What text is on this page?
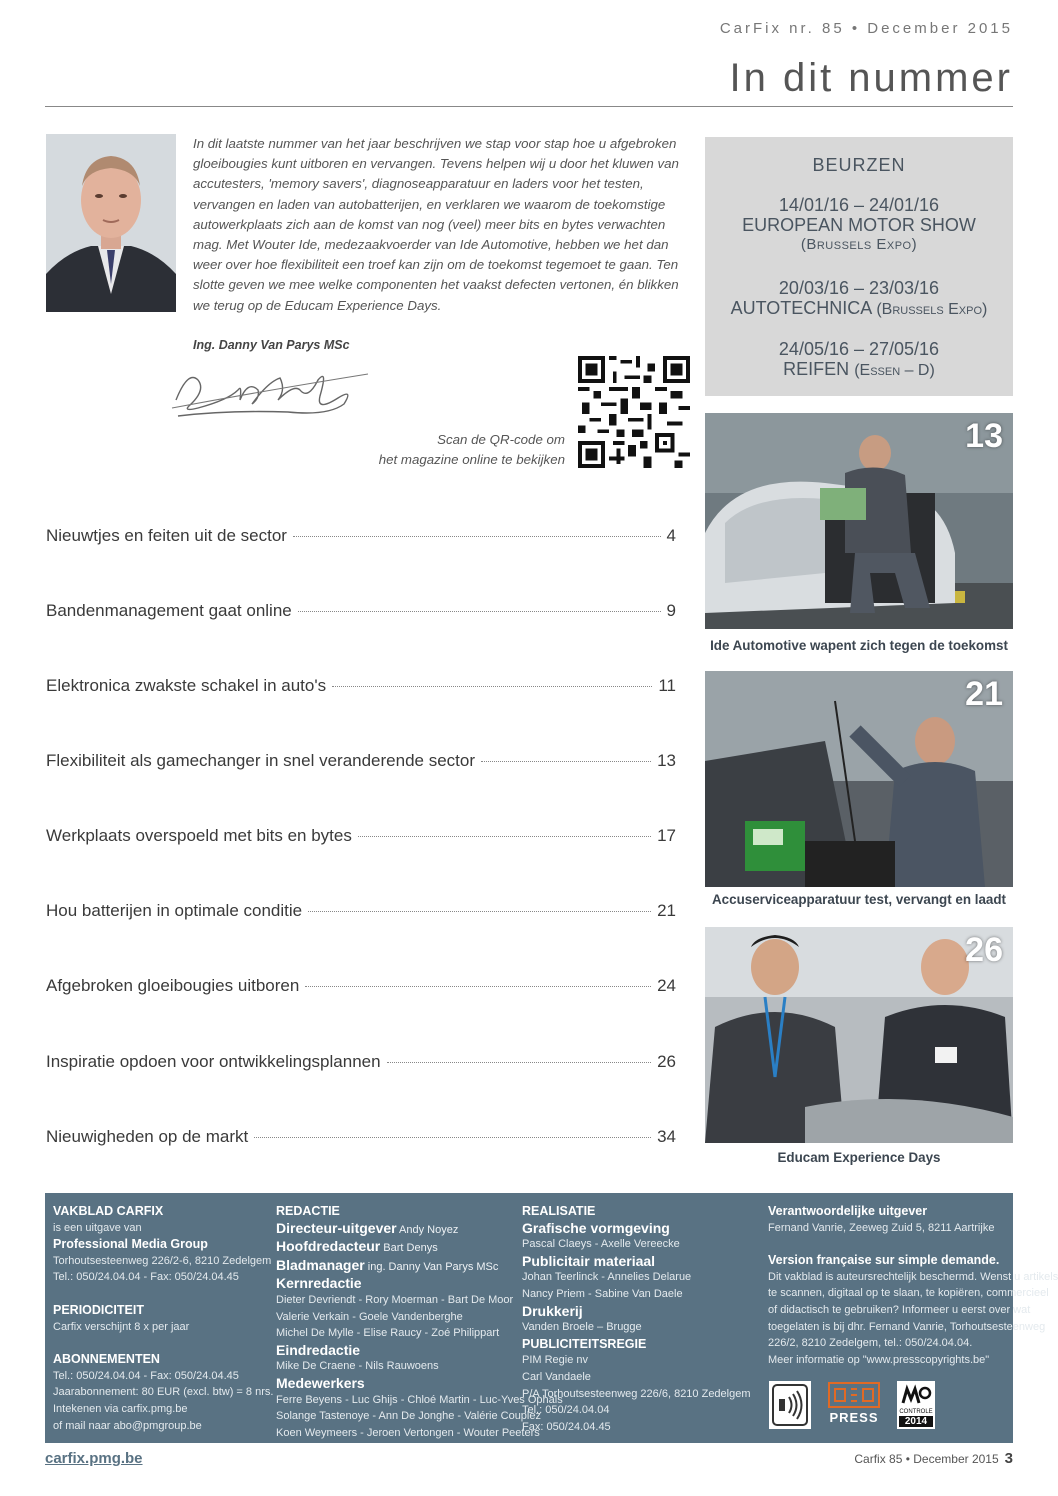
CarFix nr. 85 • December 2015
In dit nummer

In dit laatste nummer van het jaar beschrijven we stap voor stap hoe u afgebroken gloeibougies kunt uitboren en vervangen. Tevens helpen wij u door het kluwen van accutesters, 'memory savers', diagnoseapparatuur en laders voor het testen, vervangen en laden van autobatterijen, en verklaren we waarom de toekomstige autowerkplaats zich aan de komst van nog (veel) meer bits en bytes verwachten mag. Met Wouter Ide, medezaakvoerder van Ide Automotive, hebben we het dan weer over hoe flexibiliteit een troef kan zijn om de toekomst tegemoet te gaan. Ten slotte geven we mee welke componenten het vaakst defecten vertonen, én blikken we terug op de Educam Experience Days.

Ing. Danny Van Parys MSc
Scan de QR-code om
het magazine online te bekijken
BEURZEN
14/01/16 – 24/01/16
EUROPEAN MOTOR SHOW
(Brussels Expo)
20/03/16 – 23/03/16
AUTOTECHNICA (Brussels Expo)
24/05/16 – 27/05/16
REIFEN (Essen – D)
Nieuwtjes en feiten uit de sector	4
Bandenmanagement gaat online	9
Elektronica zwakste schakel in auto's	11
Flexibiliteit als gamechanger in snel veranderende sector	13
Werkplaats overspoeld met bits en bytes	17
Hou batterijen in optimale conditie	21
Afgebroken gloeibougies uitboren	24
Inspiratie opdoen voor ontwikkelingsplannen	26
Nieuwigheden op de markt	34
13
Ide Automotive wapent zich tegen de toekomst
21
Accuserviceapparatuur test, vervangt en laadt
26
Educam Experience Days
VAKBLAD CARFIX
is een uitgave van
Professional Media Group
Torhoutsesteenweg 226/2-6, 8210 Zedelgem
Tel.: 050/24.04.04 - Fax: 050/24.04.45
PERIODICITEIT
Carfix verschijnt 8 x per jaar
ABONNEMENTEN
Tel.: 050/24.04.04 - Fax: 050/24.04.45
Jaarabonnement: 80 EUR (excl. btw) = 8 nrs.
Intekenen via carfix.pmg.be
of mail naar abo@pmgroup.be
REDACTIE
Directeur-uitgever Andy Noyez
Hoofdredacteur Bart Denys
Bladmanager ing. Danny Van Parys MSc
Kernredactie
Dieter Devriendt - Rory Moerman - Bart De Moor
Valerie Verkain - Goele Vandenberghe
Michel De Mylle - Elise Raucy - Zoé Philippart
Eindredactie
Mike De Craene - Nils Rauwoens
Medewerkers
Ferre Beyens - Luc Ghijs - Chloé Martin - Luc-Yves Ophals
Solange Tastenoye - Ann De Jonghe - Valérie Couplez
Koen Weymeers - Jeroen Vertongen - Wouter Peeters
REALISATIE
Grafische vormgeving
Pascal Claeys - Axelle Vereecke
Publicitair materiaal
Johan Teerlinck - Annelies Delarue
Nancy Priem - Sabine Van Daele
Drukkerij
Vanden Broele – Brugge
PUBLICITEITSREGIE
PIM Regie nv
Carl Vandaele
P/A Torhoutsesteenweg 226/6, 8210 Zedelgem
Tel.: 050/24.04.04
Fax: 050/24.04.45
Verantwoordelijke uitgever
Fernand Vanrie, Zeeweg Zuid 5, 8211 Aartrijke
Version française sur simple demande.
Dit vakblad is auteursrechtelijk beschermd. Wenst u artikels
te scannen, digitaal op te slaan, te kopiëren, commercieel
of didactisch te gebruiken? Informeer u eerst over wat
toegelaten is bij dhr. Fernand Vanrie, Torhoutsesteenweg
226/2, 8210 Zedelgem, tel.: 050/24.04.04.
Meer informatie op "www.presscopyrights.be"
PRESS	CONTROLE
2014
carfix.pmg.be	Carfix 85 • December 2015 3
